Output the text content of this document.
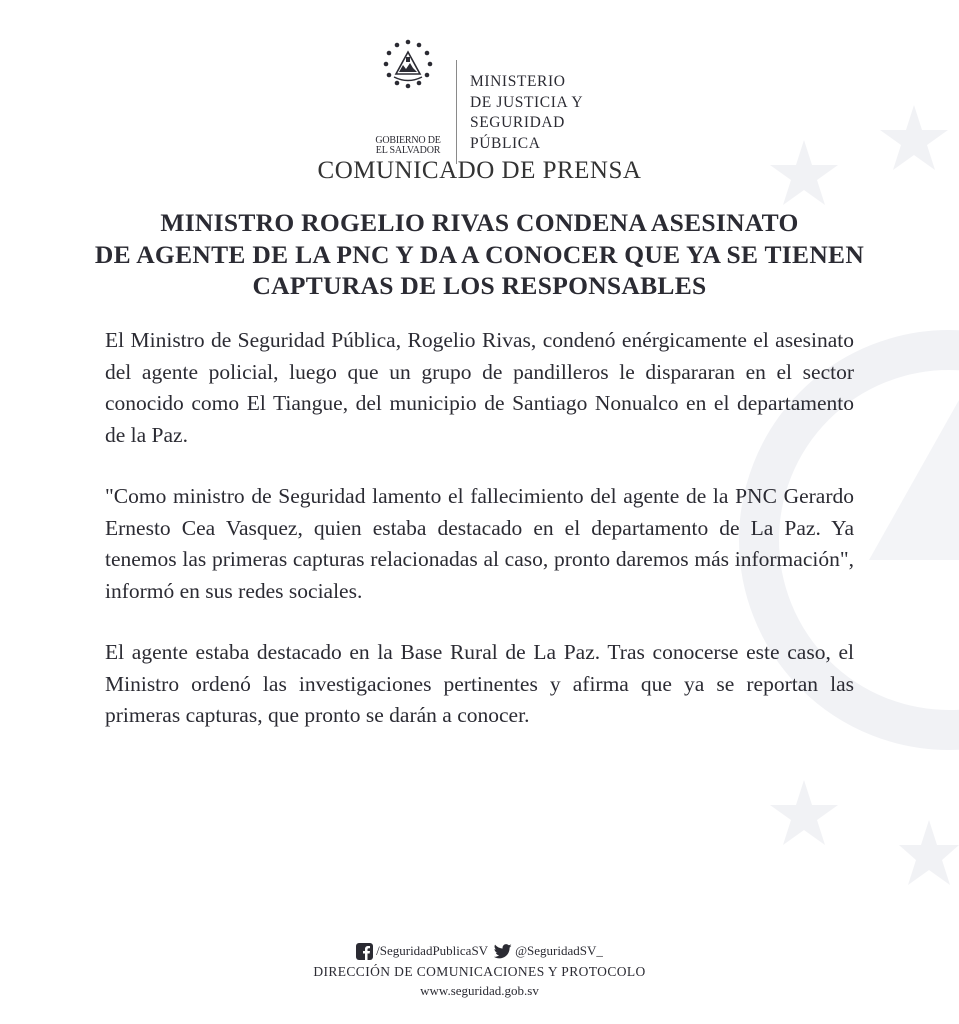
GOBIERNO DE
EL SALVADOR
MINISTERIO
DE JUSTICIA Y
SEGURIDAD
PÚBLICA
COMUNICADO DE PRENSA
MINISTRO ROGELIO RIVAS CONDENA ASESINATO
DE AGENTE DE LA PNC Y DA A CONOCER QUE YA SE TIENEN
CAPTURAS DE LOS RESPONSABLES

El Ministro de Seguridad Pública, Rogelio Rivas, condenó enérgicamente el asesinato del agente policial, luego que un grupo de pandilleros le dispararan en el sector conocido como El Tiangue, del municipio de Santiago Nonualco en el departamento de la Paz.

"Como ministro de Seguridad lamento el fallecimiento del agente de la PNC Gerardo Ernesto Cea Vasquez, quien estaba destacado en el departamento de La Paz. Ya tenemos las primeras capturas relacionadas al caso, pronto daremos más información", informó en sus redes sociales.

El agente estaba destacado en la Base Rural de La Paz. Tras conocerse este caso, el Ministro ordenó las investigaciones pertinentes y afirma que ya se reportan las primeras capturas, que pronto se darán a conocer.

/SeguridadPublicaSV @SeguridadSV_
DIRECCIÓN DE COMUNICACIONES Y PROTOCOLO
www.seguridad.gob.sv
